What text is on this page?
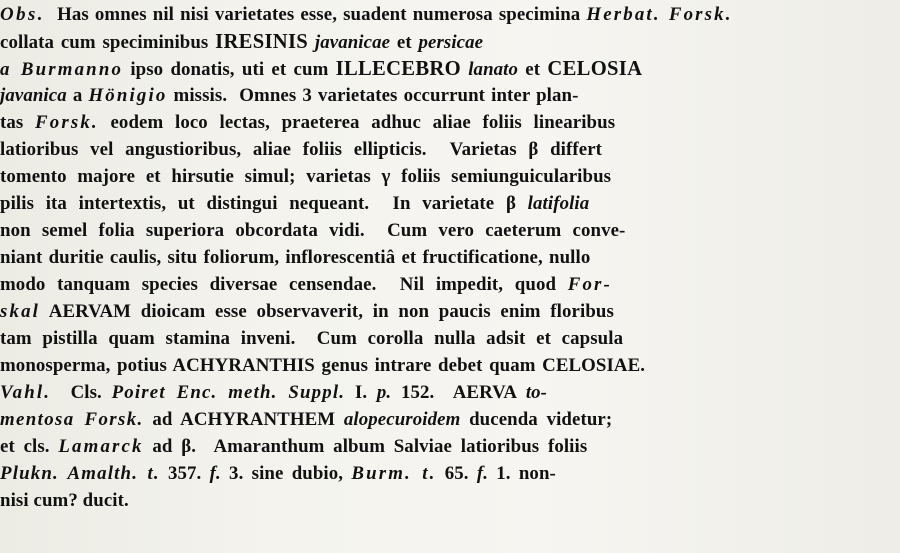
Obs.  Has omnes nil nisi varietates esse, suadent numerosa specimina Herbat. Forsk.
collata cum speciminibus IRESINIS javanicae et persicae
a Burmanno ipso donatis, uti et cum ILLECEBRO lanato et CELOSIA
javanica a Hönigio missis.  Omnes 3 varietates occurrunt inter plan-
tas Forsk. eodem loco lectas, praeterea adhuc aliae foliis linearibus
latioribus vel angustioribus, aliae foliis ellipticis.  Varietas β differt
tomento majore et hirsutie simul; varietas γ foliis semiunguicularibus
pilis ita intertextis, ut distingui nequeant.  In varietate β latifolia
non semel folia superiora obcordata vidi.  Cum vero caeterum conve-
niant duritie caulis, situ foliorum, inflorescentiâ et fructificatione, nullo
modo tanquam species diversae censendae.  Nil impedit, quod For-
skal AERVAM dioicam esse observaverit, in non paucis enim floribus
tam pistilla quam stamina inveni.  Cum corolla nulla adsit et capsula
monosperma, potius ACHYRANTHIS genus intrare debet quam CELOSIAE.
Vahl.  Cls. Poiret Enc. meth. Suppl. I. p. 152.  AERVA to-
mentosa Forsk. ad ACHYRANTHEM alopecuroidem ducenda videtur;
et cls. Lamarck ad β.  Amaranthum album Salviae latioribus foliis
Plukn. Amalth. t. 357. f. 3. sine dubio, Burm. t. 65. f. 1. non-
nisi cum? ducit.
